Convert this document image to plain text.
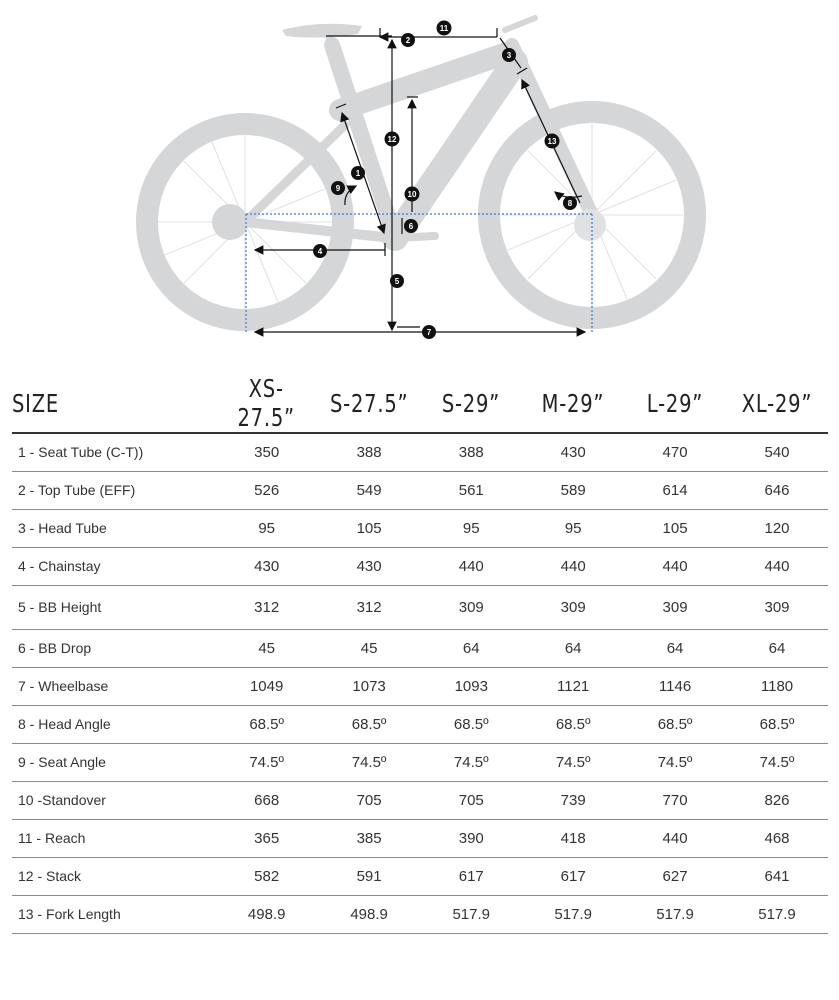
1
2
3
4
5
6
7
8
9
10
11
12	13
SIZE	XS-27.5”	S-27.5”	S-29”	M-29”	L-29”	XL-29”
1 - Seat Tube (C-T))	350	388	388	430	470	540
2 - Top Tube (EFF)	526	549	561	589	614	646
3 - Head Tube	95	105	95	95	105	120
4 - Chainstay	430	430	440	440	440	440
5 - BB Height	312	312	309	309	309	309
6 - BB Drop	45	45	64	64	64	64
7 - Wheelbase	1049	1073	1093	1121	1146	1180
8 - Head Angle	68.5º	68.5º	68.5º	68.5º	68.5º	68.5º
9 - Seat Angle	74.5º	74.5º	74.5º	74.5º	74.5º	74.5º
10 -Standover	668	705	705	739	770	826
11 - Reach	365	385	390	418	440	468
12 - Stack	582	591	617	617	627	641
13 - Fork Length	498.9	498.9	517.9	517.9	517.9	517.9
